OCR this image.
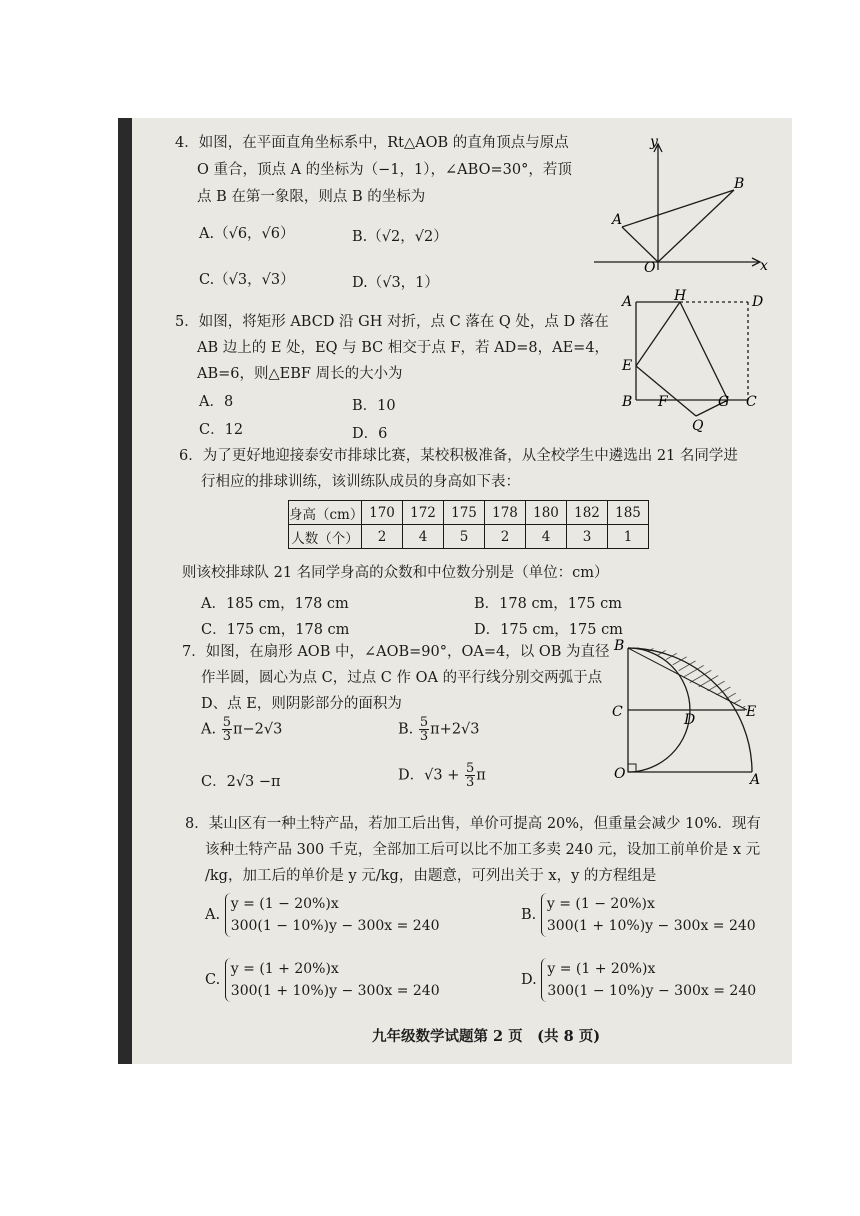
4．如图，在平面直角坐标系中，Rt△AOB 的直角顶点与原点
O 重合，顶点 A 的坐标为（−1，1），∠ABO=30°，若顶
点 B 在第一象限，则点 B 的坐标为
A.（√6，√6）	B.（√2，√2）
C.（√3，√3）	D.（√3，1）
y
x
O
A
B
5．如图，将矩形 ABCD 沿 GH 对折，点 C 落在 Q 处，点 D 落在
AB 边上的 E 处，EQ 与 BC 相交于点 F，若 AD=8，AE=4，
AB=6，则△EBF 周长的大小为
A．8	B．10
C．12	D．6
A	H	D
E
B F	G C
Q
6．为了更好地迎接泰安市排球比赛，某校积极准备，从全校学生中遴选出 21 名同学进
行相应的排球训练，该训练队成员的身高如下表：
身高（cm）	170	172	175	178	180	182	185
人数（个）	2	4	5	2	4	3	1
则该校排球队 21 名同学身高的众数和中位数分别是（单位：cm）
A．185 cm，178 cm	B．178 cm，175 cm
C．175 cm，178 cm	D．175 cm，175 cm
7．如图，在扇形 AOB 中，∠AOB=90°，OA=4，以 OB 为直径
作半圆，圆心为点 C，过点 C 作 OA 的平行线分别交两弧于点
D、点 E，则阴影部分的面积为
A. $\frac{5}{3} \pi-2√3$	B. $\frac{5}{3} \pi+2√3$
C．2√3 −π	D．$√3 + \frac{5}{3}$ π
B
C	D	E
O	A
8．某山区有一种土特产品，若加工后出售，单价可提高 20%，但重量会减少 10%．现有
该种土特产品 300 千克，全部加工后可以比不加工多卖 240 元，设加工前单价是 x 元
/kg，加工后的单价是 y 元/kg，由题意，可列出关于 x，y 的方程组是
A. y = (1 − 20%)x
300(1 − 10%)y − 300x = 240
B. y = (1 − 20%)x
300(1 + 10%)y − 300x = 240
C. y = (1 + 20%)x
300(1 + 10%)y − 300x = 240
D. y = (1 + 20%)x
300(1 − 10%)y − 300x = 240
九年级数学试题第 2 页　(共 8 页)
